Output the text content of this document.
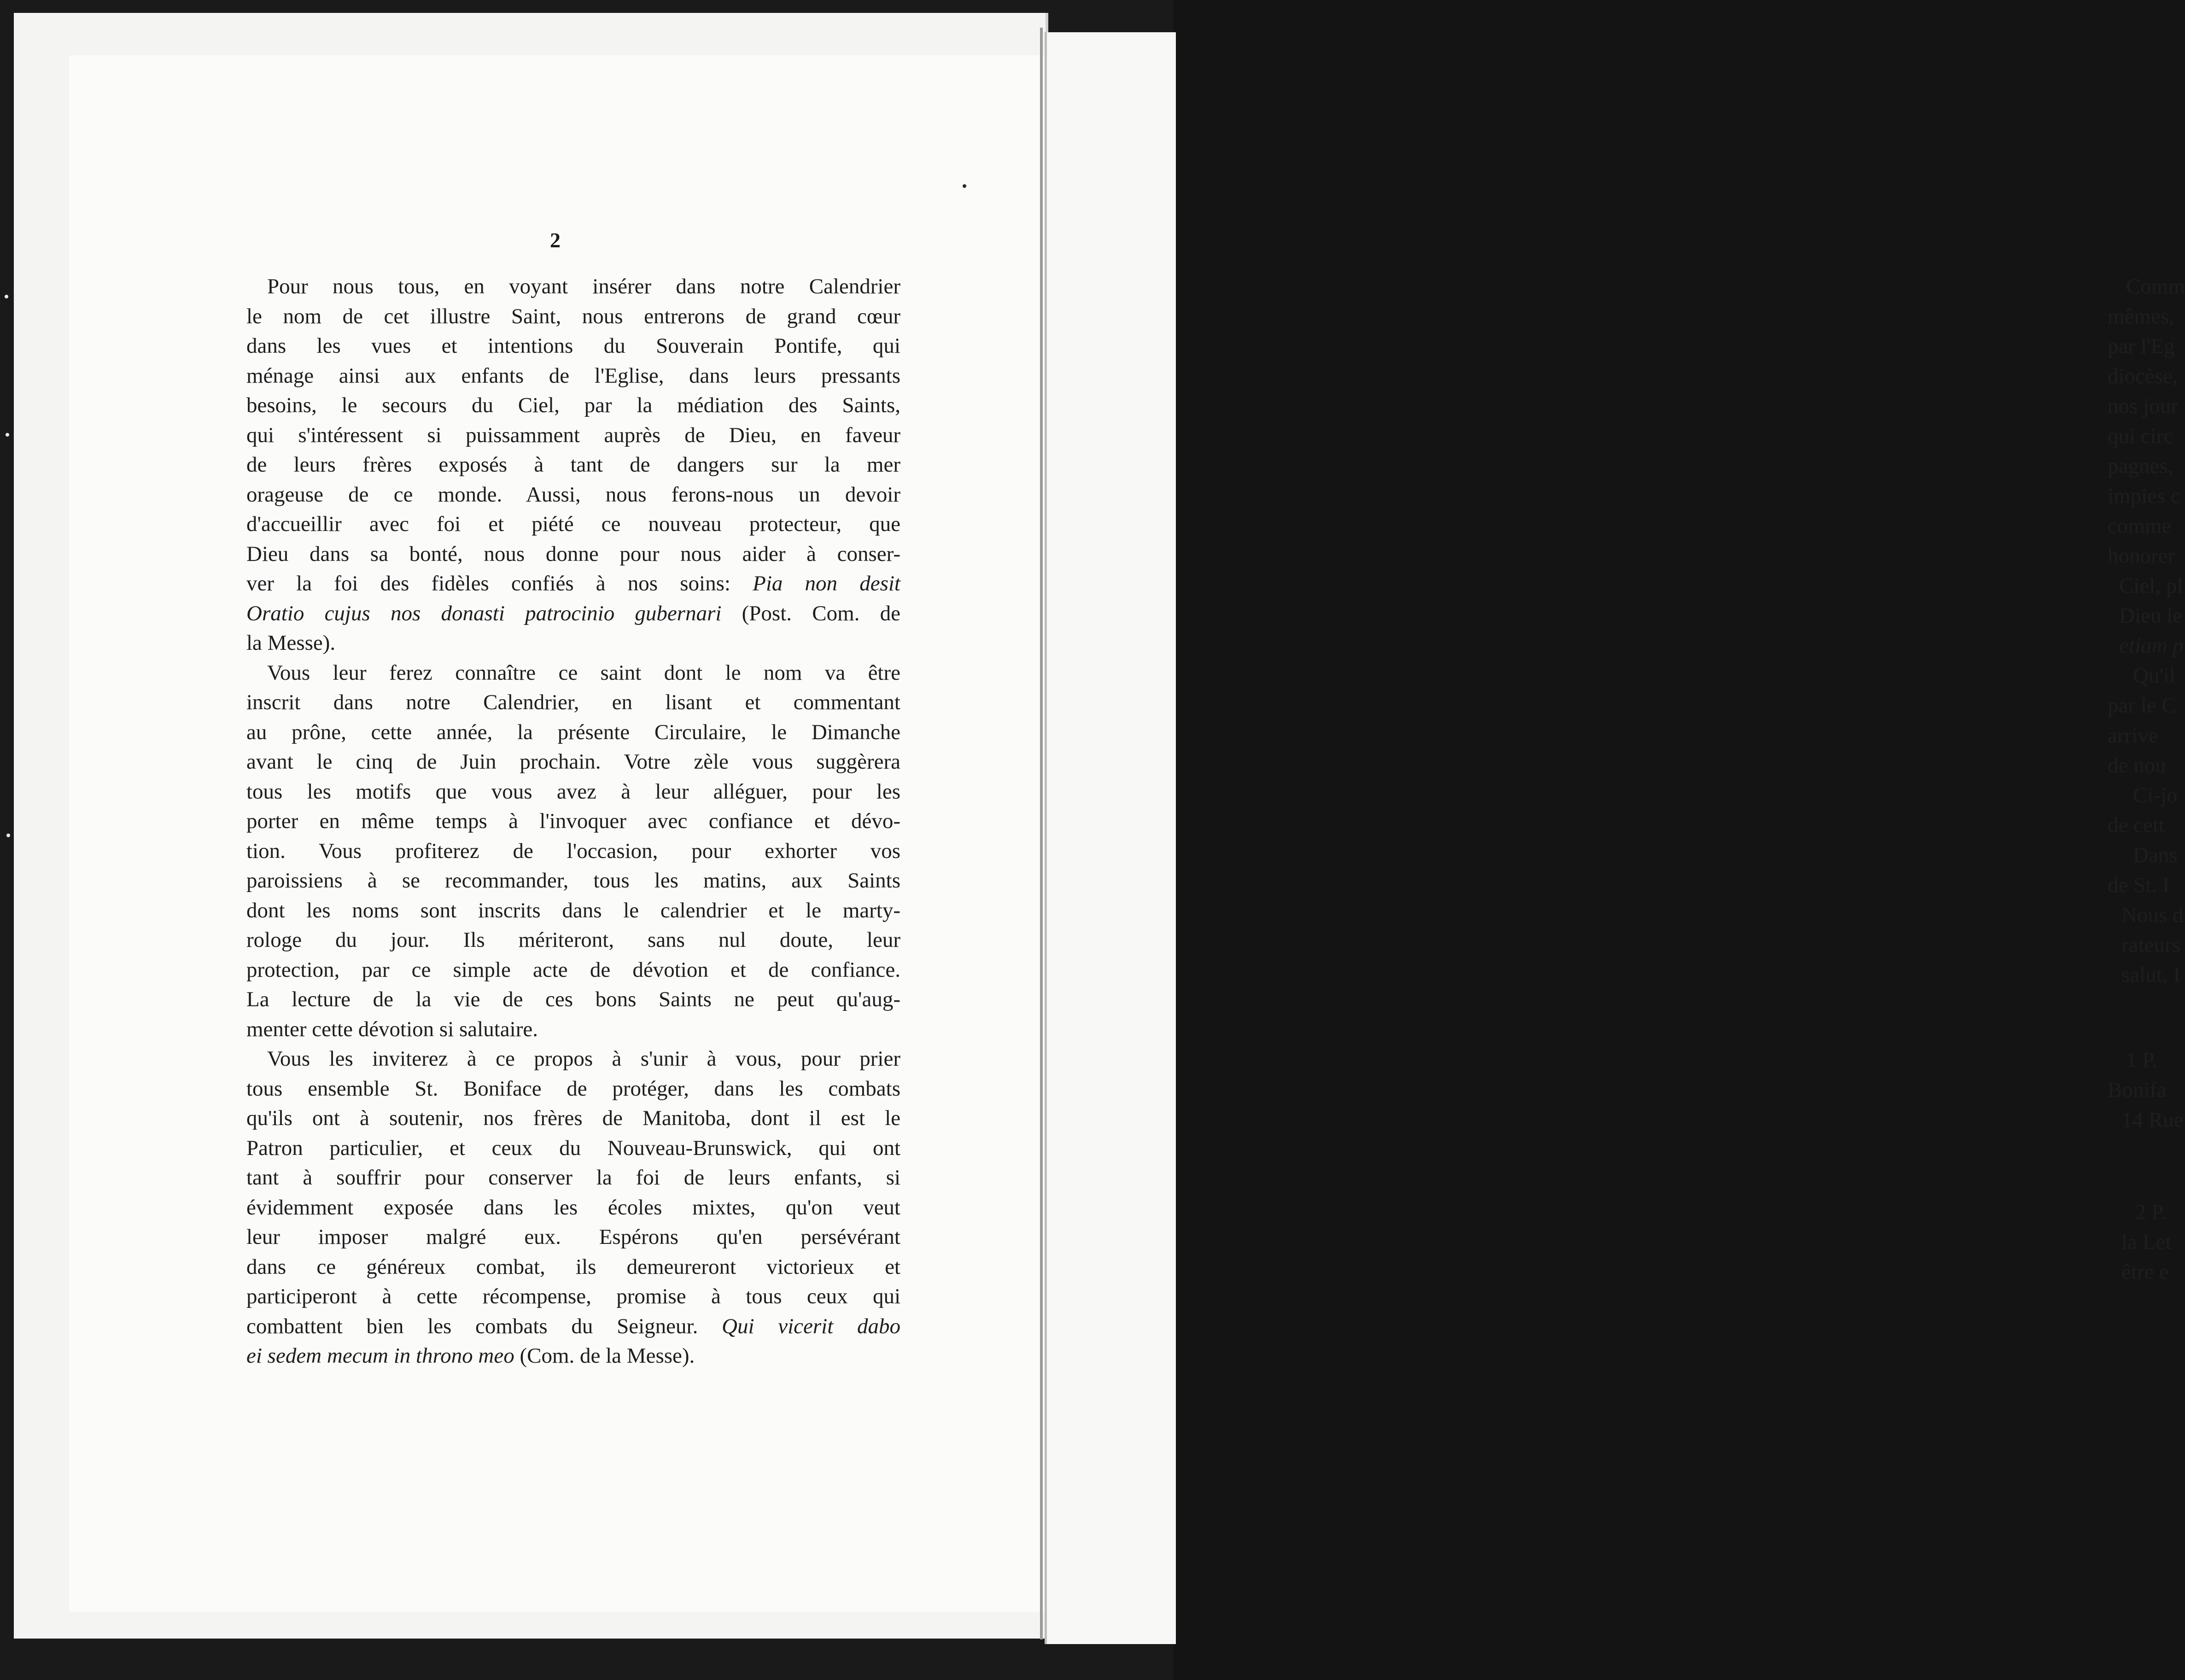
Comm
mêmes,
par l'Eg
diocèse,
nos jour
qui circ
pagnes,
impies c
comme
honorer
Ciel, pl
Dieu le
etiam p
Qu'il
par le C
arrive
de nou
Ci-jo
de cett
Dans
de St. I
Nous d
rateurs
salut, I
1 P.
Bonifa
14 Rue
2 P.
la Let
être e
2
Pour nous tous, en voyant insérer dans notre Calendrier
le nom de cet illustre Saint, nous entrerons de grand cœur
dans les vues et intentions du Souverain Pontife, qui
ménage ainsi aux enfants de l'Eglise, dans leurs pressants
besoins, le secours du Ciel, par la médiation des Saints,
qui s'intéressent si puissamment auprès de Dieu, en faveur
de leurs frères exposés à tant de dangers sur la mer
orageuse de ce monde. Aussi, nous ferons-nous un devoir
d'accueillir avec foi et piété ce nouveau protecteur, que
Dieu dans sa bonté, nous donne pour nous aider à conser-
ver la foi des fidèles confiés à nos soins: Pia non desit
Oratio cujus nos donasti patrocinio gubernari (Post. Com. de
la Messe).
Vous leur ferez connaître ce saint dont le nom va être
inscrit dans notre Calendrier, en lisant et commentant
au prône, cette année, la présente Circulaire, le Dimanche
avant le cinq de Juin prochain. Votre zèle vous suggèrera
tous les motifs que vous avez à leur alléguer, pour les
porter en même temps à l'invoquer avec confiance et dévo-
tion. Vous profiterez de l'occasion, pour exhorter vos
paroissiens à se recommander, tous les matins, aux Saints
dont les noms sont inscrits dans le calendrier et le marty-
rologe du jour. Ils mériteront, sans nul doute, leur
protection, par ce simple acte de dévotion et de confiance.
La lecture de la vie de ces bons Saints ne peut qu'aug-
menter cette dévotion si salutaire.
Vous les inviterez à ce propos à s'unir à vous, pour prier
tous ensemble St. Boniface de protéger, dans les combats
qu'ils ont à soutenir, nos frères de Manitoba, dont il est le
Patron particulier, et ceux du Nouveau-Brunswick, qui ont
tant à souffrir pour conserver la foi de leurs enfants, si
évidemment exposée dans les écoles mixtes, qu'on veut
leur imposer malgré eux. Espérons qu'en persévérant
dans ce généreux combat, ils demeureront victorieux et
participeront à cette récompense, promise à tous ceux qui
combattent bien les combats du Seigneur. Qui vicerit dabo
ei sedem mecum in throno meo (Com. de la Messe).
